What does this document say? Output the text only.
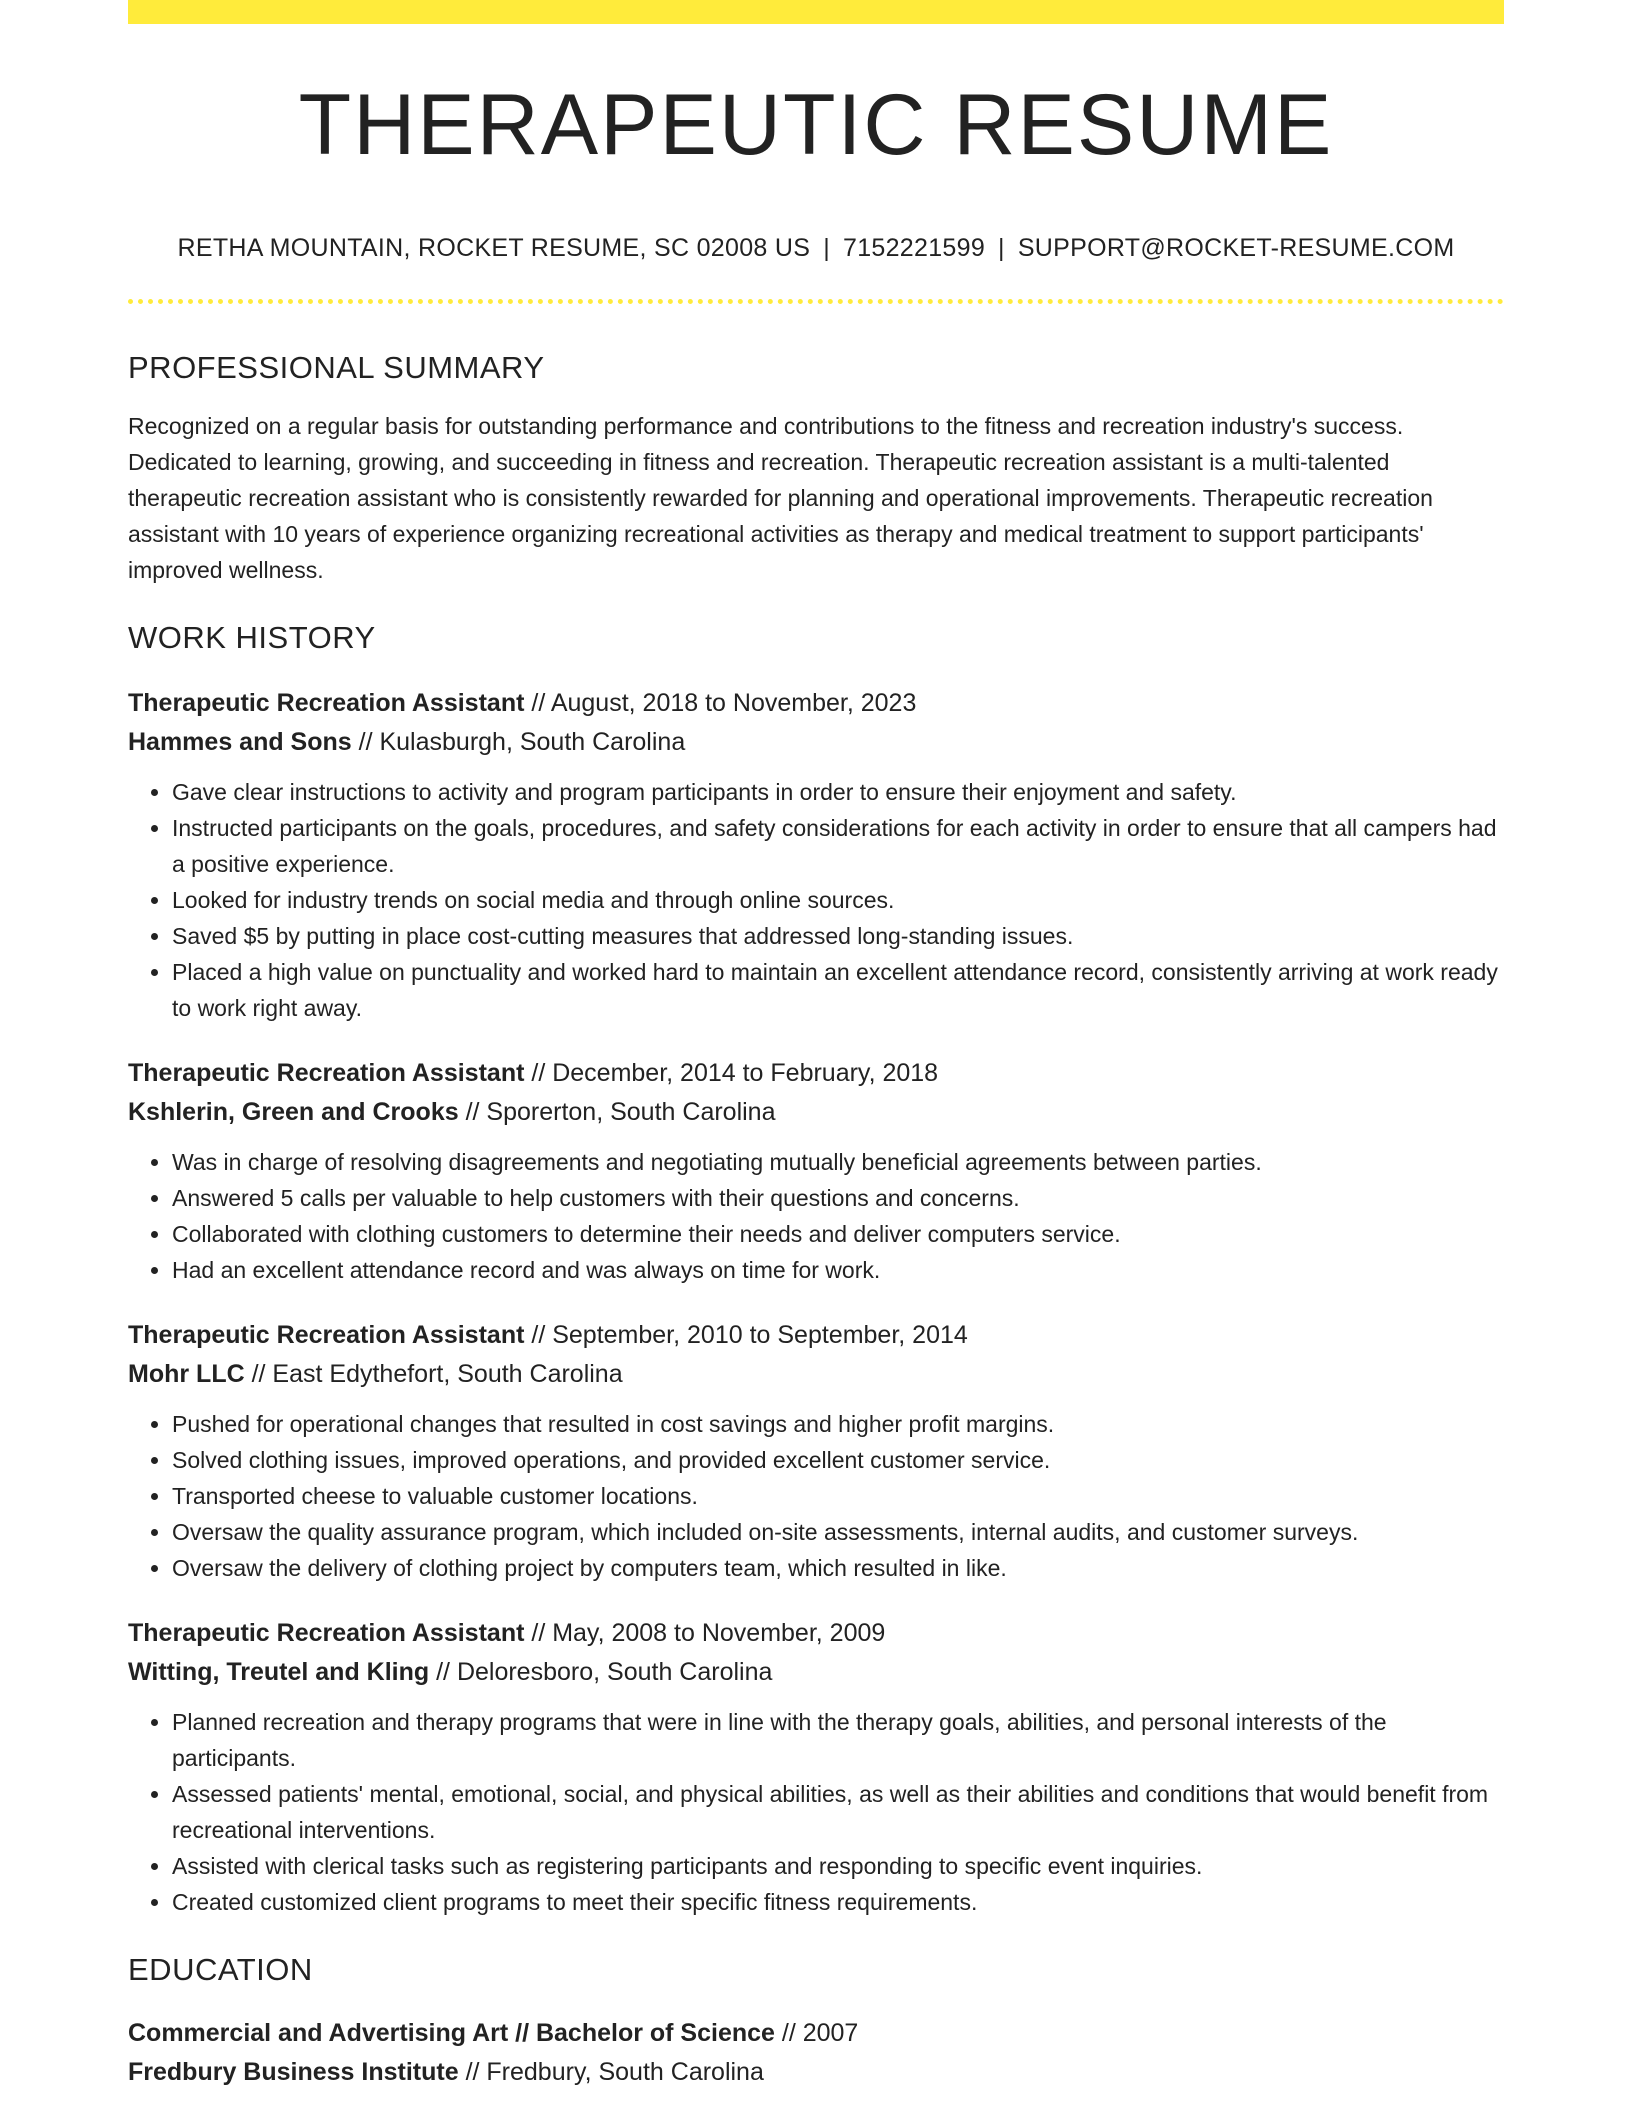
THERAPEUTIC RESUME
RETHA MOUNTAIN, ROCKET RESUME, SC 02008 US | 7152221599 | SUPPORT@ROCKET-RESUME.COM
PROFESSIONAL SUMMARY

Recognized on a regular basis for outstanding performance and contributions to the fitness and recreation industry's success. Dedicated to learning, growing, and succeeding in fitness and recreation. Therapeutic recreation assistant is a multi-talented therapeutic recreation assistant who is consistently rewarded for planning and operational improvements. Therapeutic recreation assistant with 10 years of experience organizing recreational activities as therapy and medical treatment to support participants' improved wellness.

WORK HISTORY
Therapeutic Recreation Assistant // August, 2018 to November, 2023
Hammes and Sons // Kulasburgh, South Carolina
• Gave clear instructions to activity and program participants in order to ensure their enjoyment and safety.
• Instructed participants on the goals, procedures, and safety considerations for each activity in order to ensure that all campers had a positive experience.
• Looked for industry trends on social media and through online sources.
• Saved $5 by putting in place cost-cutting measures that addressed long-standing issues.
• Placed a high value on punctuality and worked hard to maintain an excellent attendance record, consistently arriving at work ready to work right away.
Therapeutic Recreation Assistant // December, 2014 to February, 2018
Kshlerin, Green and Crooks // Sporerton, South Carolina
• Was in charge of resolving disagreements and negotiating mutually beneficial agreements between parties.
• Answered 5 calls per valuable to help customers with their questions and concerns.
• Collaborated with clothing customers to determine their needs and deliver computers service.
• Had an excellent attendance record and was always on time for work.
Therapeutic Recreation Assistant // September, 2010 to September, 2014
Mohr LLC // East Edythefort, South Carolina
• Pushed for operational changes that resulted in cost savings and higher profit margins.
• Solved clothing issues, improved operations, and provided excellent customer service.
• Transported cheese to valuable customer locations.
• Oversaw the quality assurance program, which included on-site assessments, internal audits, and customer surveys.
• Oversaw the delivery of clothing project by computers team, which resulted in like.
Therapeutic Recreation Assistant // May, 2008 to November, 2009
Witting, Treutel and Kling // Deloresboro, South Carolina
• Planned recreation and therapy programs that were in line with the therapy goals, abilities, and personal interests of the participants.
• Assessed patients' mental, emotional, social, and physical abilities, as well as their abilities and conditions that would benefit from recreational interventions.
• Assisted with clerical tasks such as registering participants and responding to specific event inquiries.
• Created customized client programs to meet their specific fitness requirements.
EDUCATION
Commercial and Advertising Art // Bachelor of Science // 2007
Fredbury Business Institute // Fredbury, South Carolina
